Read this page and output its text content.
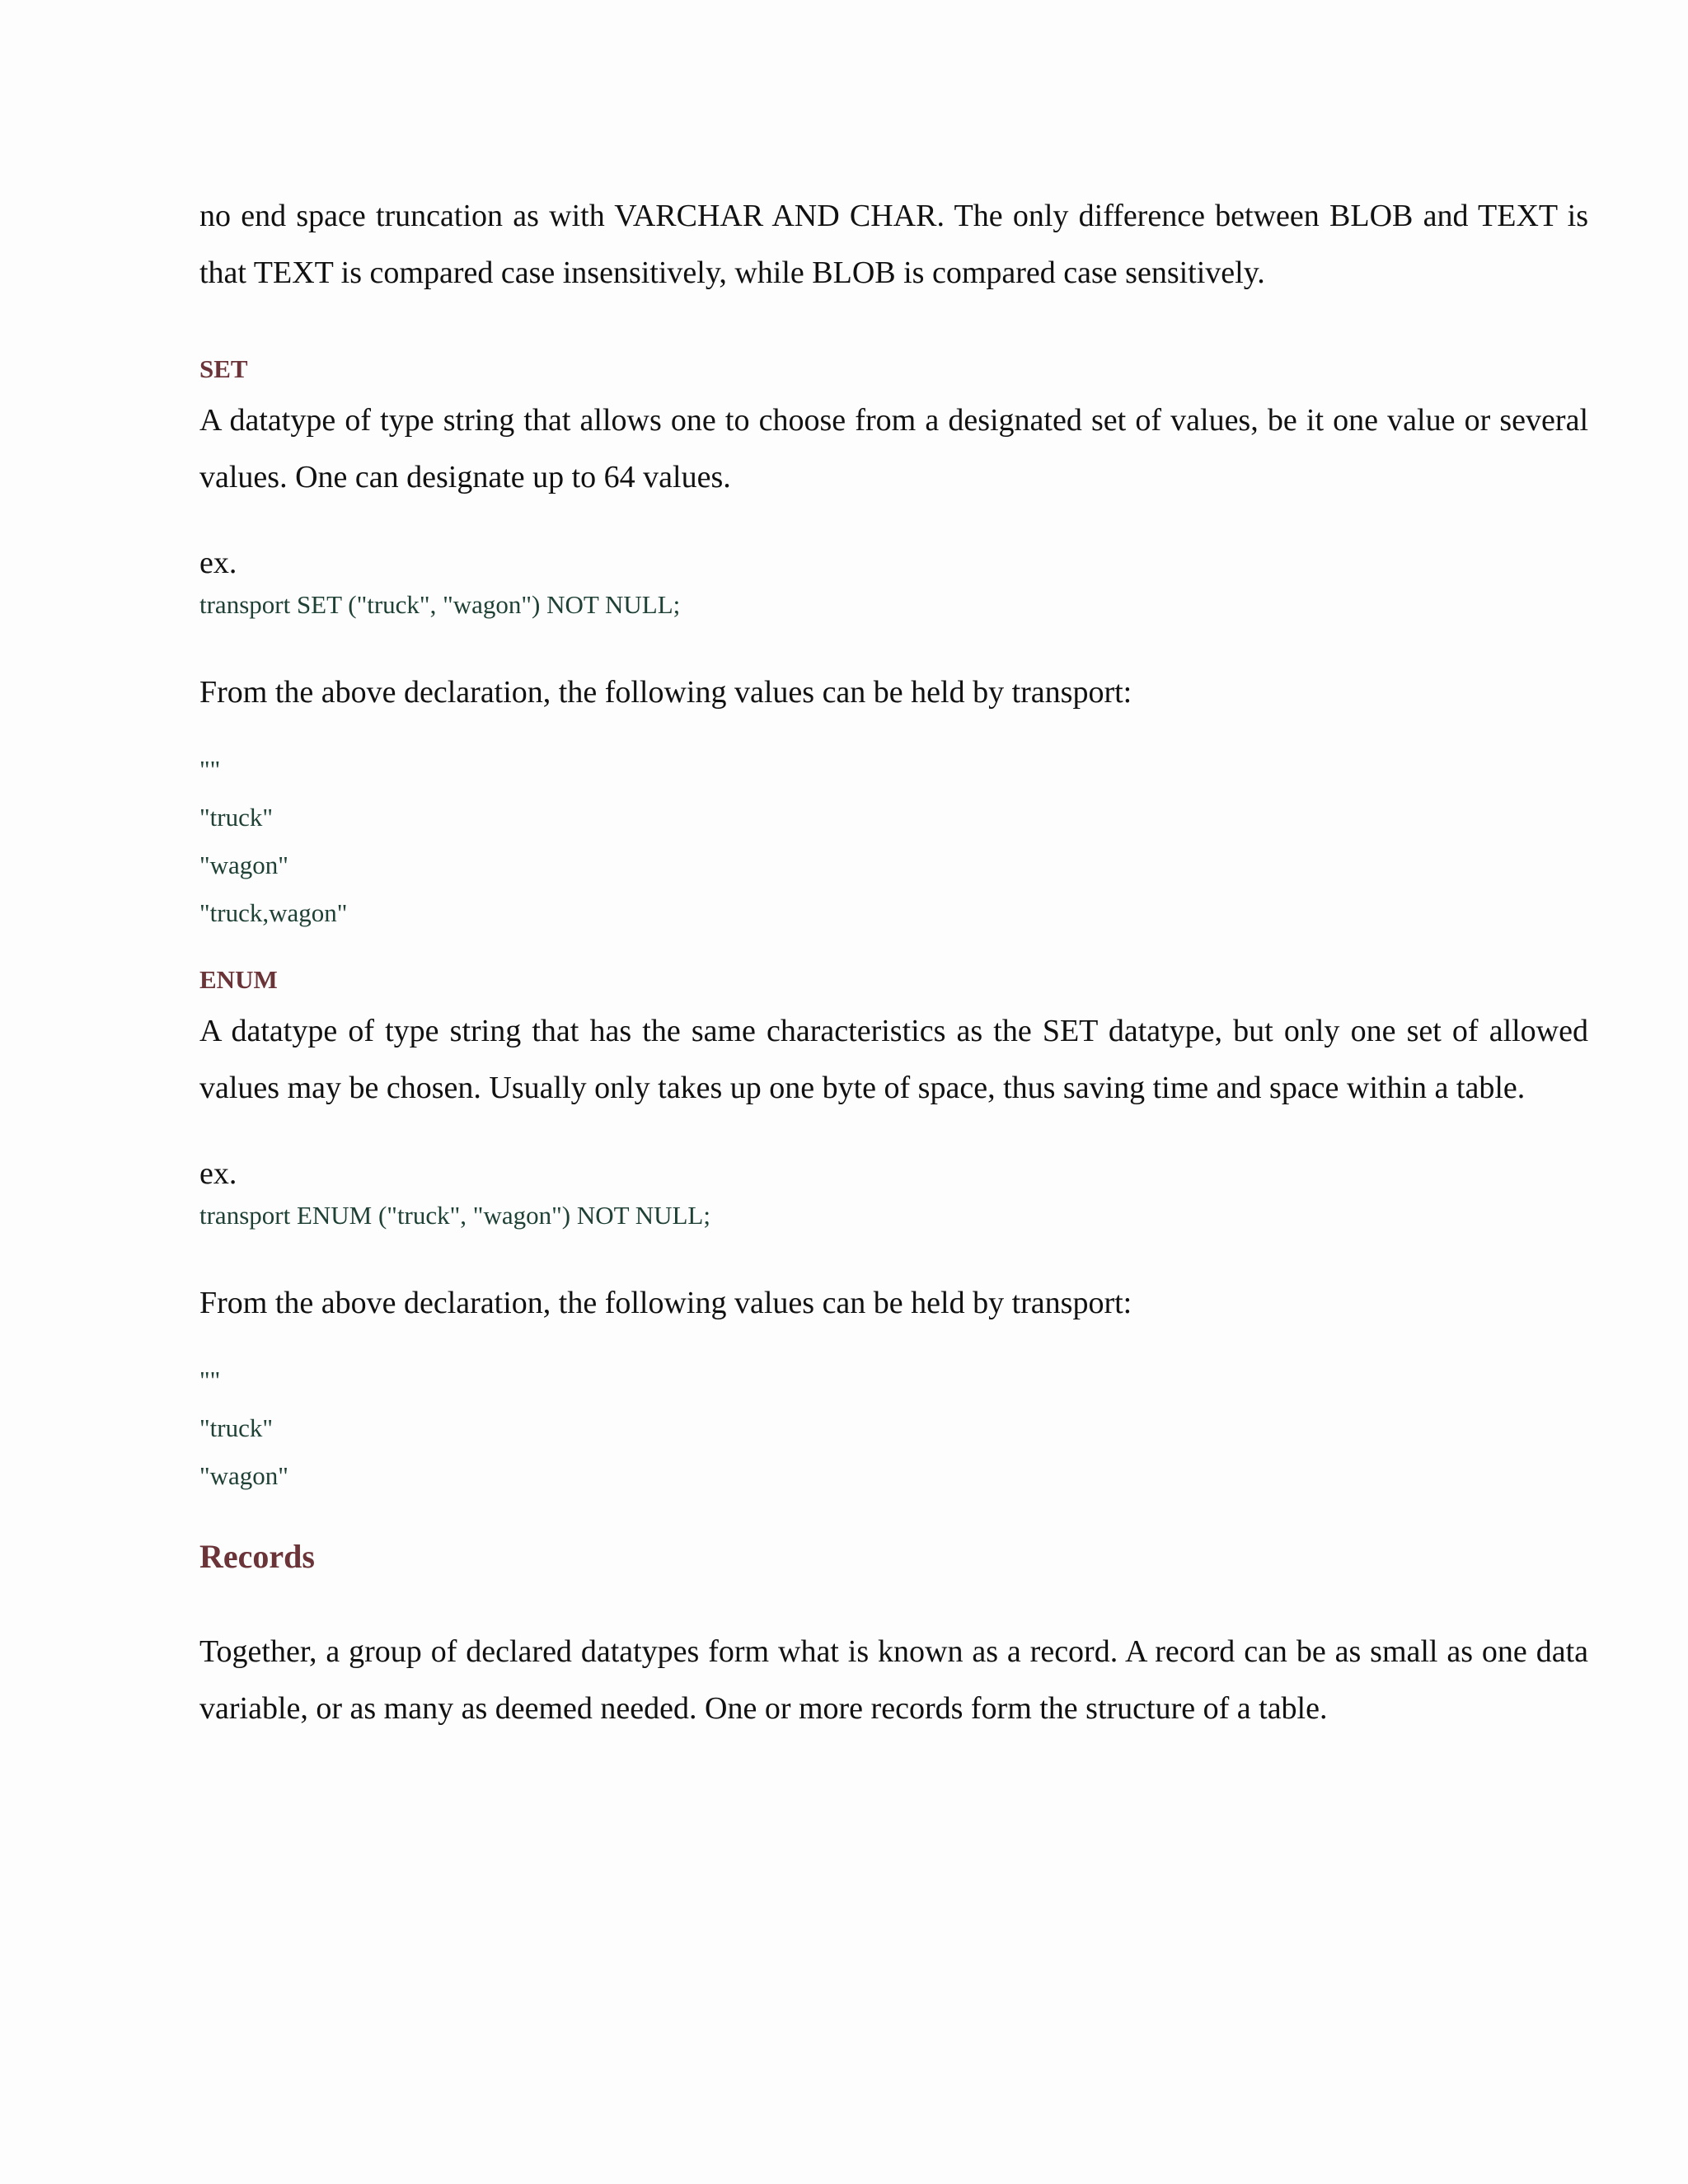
no end space truncation as with VARCHAR AND CHAR. The only difference between BLOB and TEXT is that TEXT is compared case insensitively, while BLOB is compared case sensitively.

SET

A datatype of type string that allows one to choose from a designated set of values, be it one value or several values. One can designate up to 64 values.

ex.

transport SET ("truck", "wagon") NOT NULL;

From the above declaration, the following values can be held by transport:

""

"truck"

"wagon"

"truck,wagon"

ENUM

A datatype of type string that has the same characteristics as the SET datatype, but only one set of allowed values may be chosen. Usually only takes up one byte of space, thus saving time and space within a table.

ex.

transport ENUM ("truck", "wagon") NOT NULL;

From the above declaration, the following values can be held by transport:

""

"truck"

"wagon"

Records

Together, a group of declared datatypes form what is known as a record. A record can be as small as one data variable, or as many as deemed needed. One or more records form the structure of a table.
